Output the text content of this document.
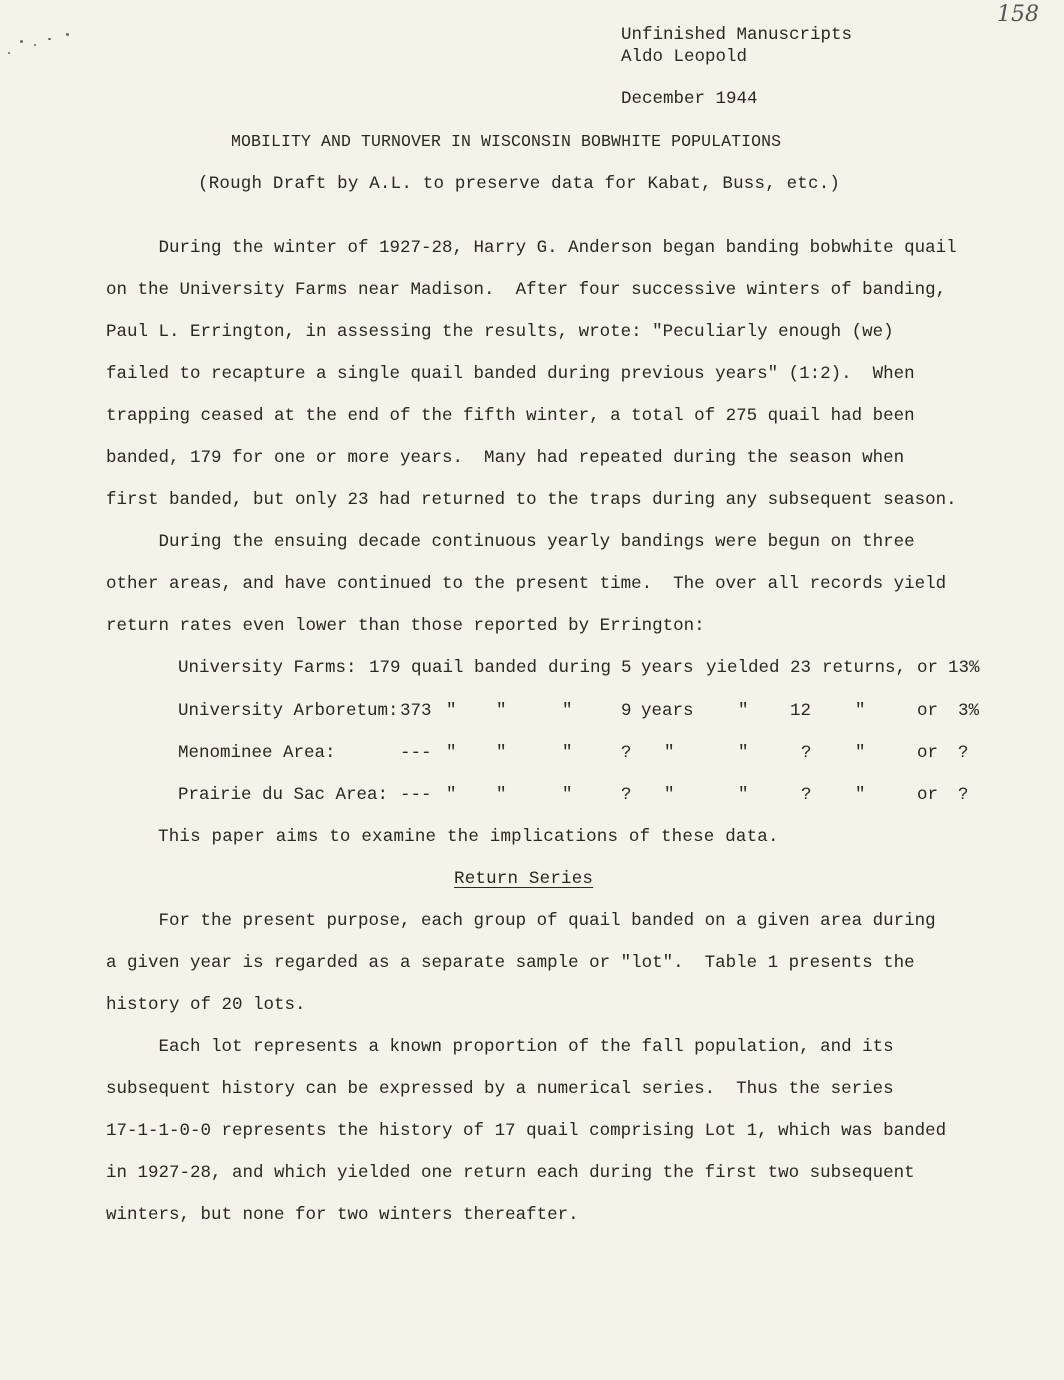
158
Unfinished Manuscripts
Aldo Leopold
December 1944
MOBILITY AND TURNOVER IN WISCONSIN BOBWHITE POPULATIONS
(Rough Draft by A.L. to preserve data for Kabat, Buss, etc.)
During the winter of 1927-28, Harry G. Anderson began banding bobwhite quail
on the University Farms near Madison.  After four successive winters of banding,
Paul L. Errington, in assessing the results, wrote: "Peculiarly enough (we)
failed to recapture a single quail banded during previous years" (1:2).  When
trapping ceased at the end of the fifth winter, a total of 275 quail had been
banded, 179 for one or more years.  Many had repeated during the season when
first banded, but only 23 had returned to the traps during any subsequent season.
During the ensuing decade continuous yearly bandings were begun on three
other areas, and have continued to the present time.  The over all records yield
return rates even lower than those reported by Errington:
University Farms: 179 quail banded during 5 years yielded 23 returns, or 13%
University Arboretum: 373 " "	"	9 years	" 12	"	or 3%
Menominee Area:	--- " "	"	? "	"	? "	or ?
Prairie du Sac Area: --- " "	"	? "	"	? "	or ?
This paper aims to examine the implications of these data.
Return Series
For the present purpose, each group of quail banded on a given area during
a given year is regarded as a separate sample or "lot".  Table 1 presents the
history of 20 lots.
Each lot represents a known proportion of the fall population, and its
subsequent history can be expressed by a numerical series.  Thus the series
17-1-1-0-0 represents the history of 17 quail comprising Lot 1, which was banded
in 1927-28, and which yielded one return each during the first two subsequent
winters, but none for two winters thereafter.
